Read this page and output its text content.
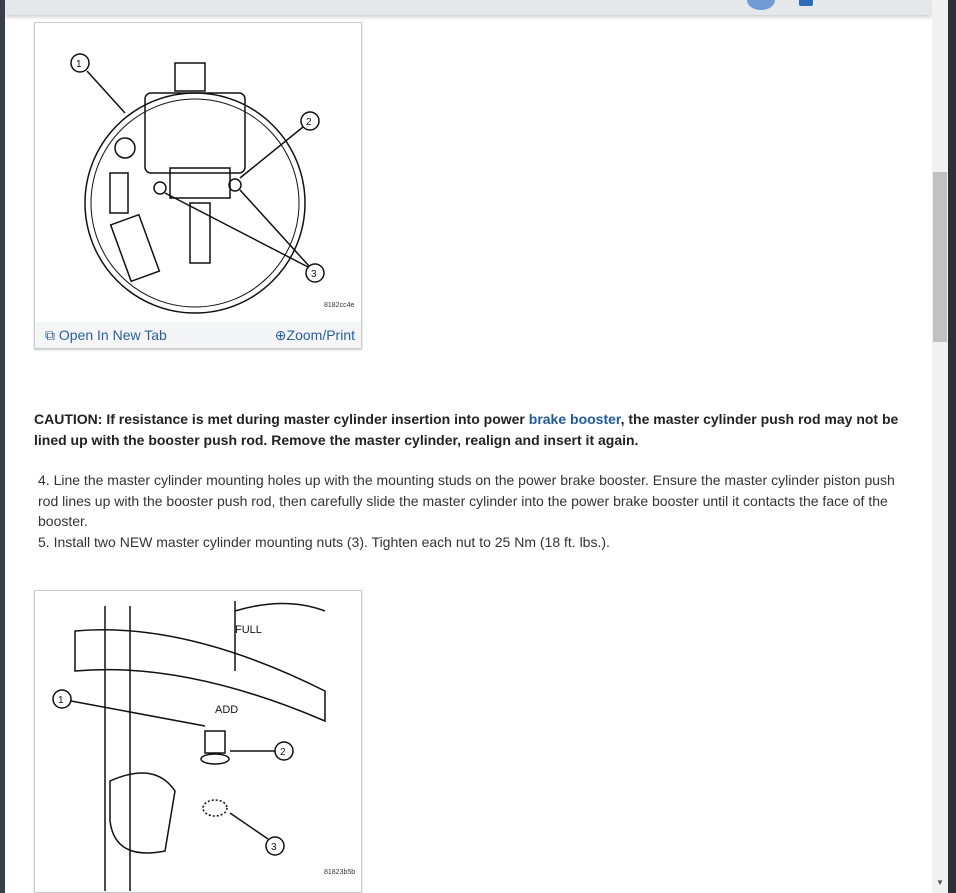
1
2
3
8182cc4e
⧉ Open In New Tab	⊕Zoom/Print
CAUTION: If resistance is met during master cylinder insertion into power brake booster, the master cylinder push rod may not be lined up with the booster push rod. Remove the master cylinder, realign and insert it again.
4. Line the master cylinder mounting holes up with the mounting studs on the power brake booster. Ensure the master cylinder piston push rod lines up with the booster push rod, then carefully slide the master cylinder into the power brake booster until it contacts the face of the booster.
5. Install two NEW master cylinder mounting nuts (3). Tighten each nut to 25 Nm (18 ft. lbs.).
1
2
3
FULL
ADD
81823b5b
▼
